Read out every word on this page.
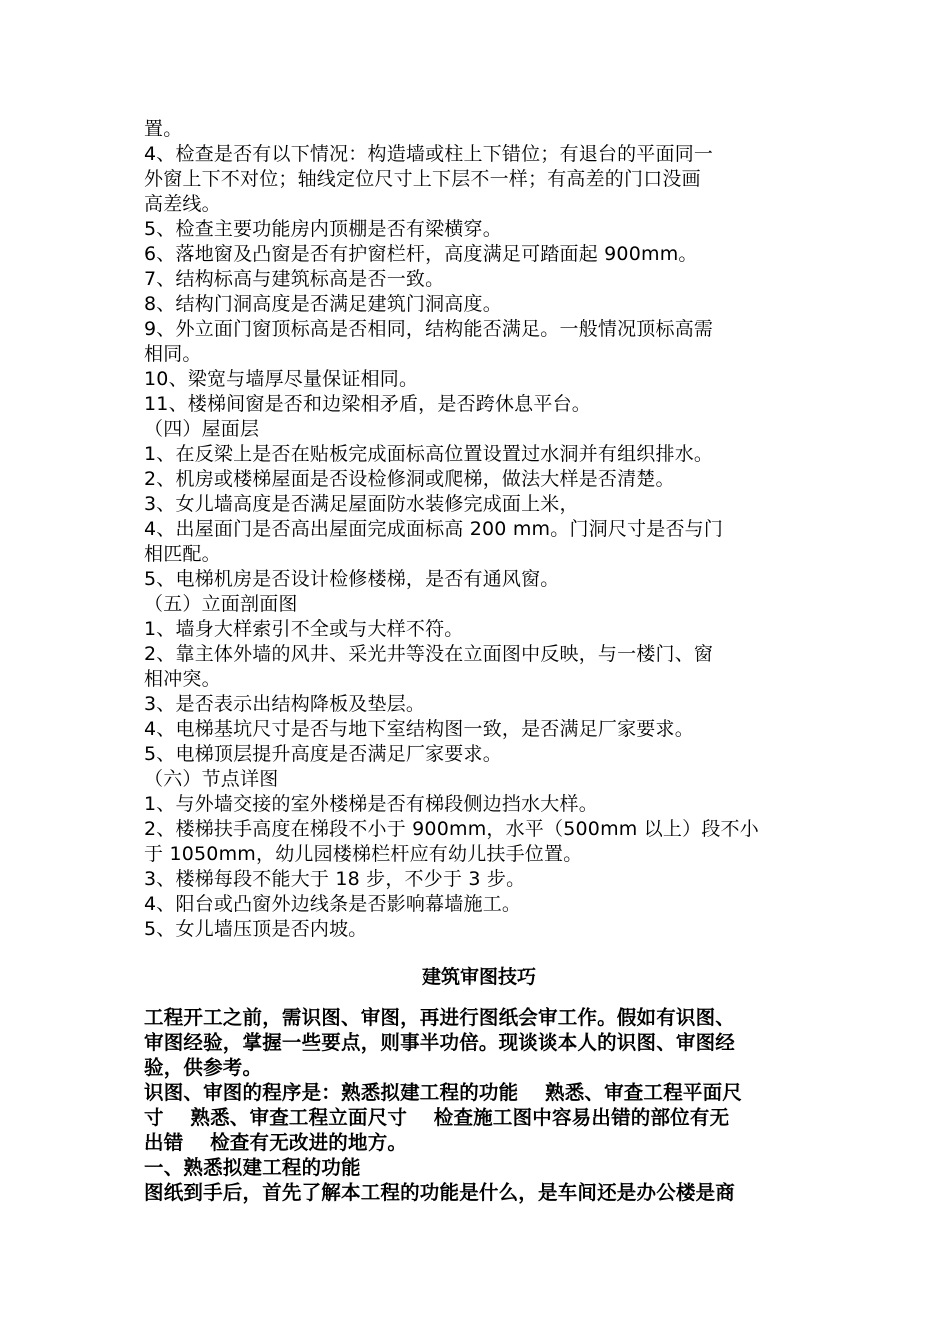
置。
4、检查是否有以下情况：构造墙或柱上下错位；有退台的平面同一
外窗上下不对位；轴线定位尺寸上下层不一样；有高差的门口没画
高差线。
5、检查主要功能房内顶棚是否有梁横穿。
6、落地窗及凸窗是否有护窗栏杆，高度满足可踏面起 900mm。
7、结构标高与建筑标高是否一致。
8、结构门洞高度是否满足建筑门洞高度。
9、外立面门窗顶标高是否相同，结构能否满足。一般情况顶标高需
相同。
10、梁宽与墙厚尽量保证相同。
11、楼梯间窗是否和边梁相矛盾，是否跨休息平台。
（四）屋面层
1、在反梁上是否在贴板完成面标高位置设置过水洞并有组织排水。
2、机房或楼梯屋面是否设检修洞或爬梯，做法大样是否清楚。
3、女儿墙高度是否满足屋面防水装修完成面上米，
4、出屋面门是否高出屋面完成面标高 200 mm。门洞尺寸是否与门
相匹配。
5、电梯机房是否设计检修楼梯，是否有通风窗。
（五）立面剖面图
1、墙身大样索引不全或与大样不符。
2、靠主体外墙的风井、采光井等没在立面图中反映，与一楼门、窗
相冲突。
3、是否表示出结构降板及垫层。
4、电梯基坑尺寸是否与地下室结构图一致，是否满足厂家要求。
5、电梯顶层提升高度是否满足厂家要求。
（六）节点详图
1、与外墙交接的室外楼梯是否有梯段侧边挡水大样。
2、楼梯扶手高度在梯段不小于 900mm，水平（500mm 以上）段不小
于 1050mm，幼儿园楼梯栏杆应有幼儿扶手位置。
3、楼梯每段不能大于 18 步，不少于 3 步。
4、阳台或凸窗外边线条是否影响幕墙施工。
5、女儿墙压顶是否内坡。
建筑审图技巧
工程开工之前，需识图、审图，再进行图纸会审工作。假如有识图、
审图经验，掌握一些要点，则事半功倍。现谈谈本人的识图、审图经
验，供参考。
识图、审图的程序是：熟悉拟建工程的功能 　熟悉、审查工程平面尺
寸 　熟悉、审查工程立面尺寸 　检查施工图中容易出错的部位有无
出错 　检查有无改进的地方。
一、熟悉拟建工程的功能
图纸到手后，首先了解本工程的功能是什么，是车间还是办公楼是商
